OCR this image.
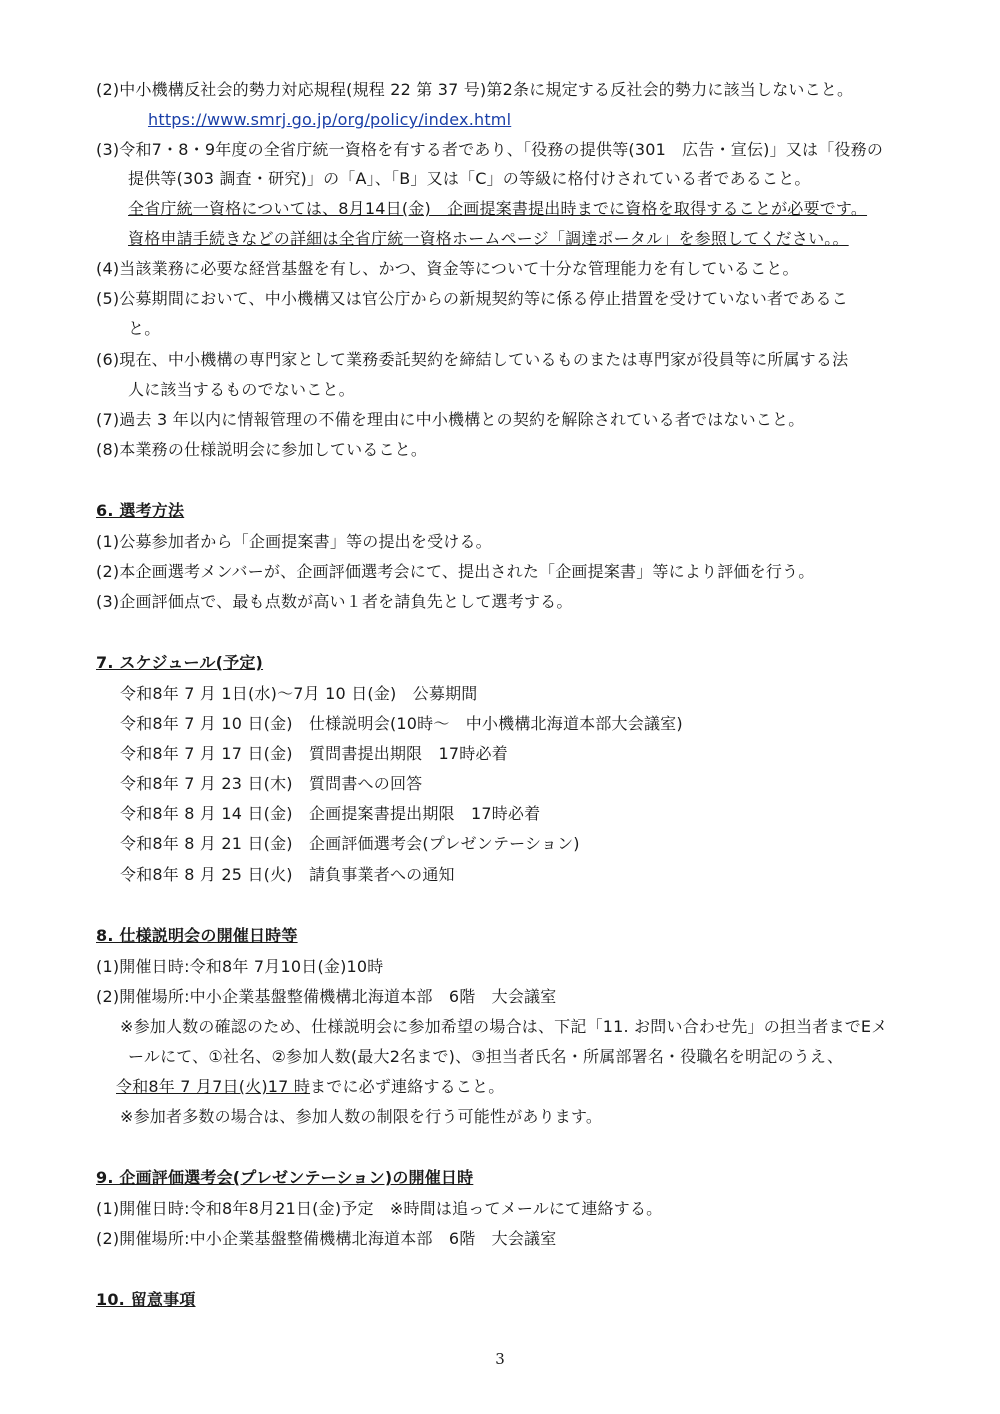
(2)中小機構反社会的勢力対応規程(規程 22 第 37 号)第2条に規定する反社会的勢力に該当しないこと。
https://www.smrj.go.jp/org/policy/index.html
(3)令和7・8・9年度の全省庁統一資格を有する者であり、「役務の提供等(301　広告・宣伝)」又は「役務の
提供等(303 調査・研究)」の「A」、「B」又は「C」の等級に格付けされている者であること。
全省庁統一資格については、8月14日(金)　企画提案書提出時までに資格を取得することが必要です。
資格申請手続きなどの詳細は全省庁統一資格ホームページ「調達ポータル」を参照してください。。
(4)当該業務に必要な経営基盤を有し、かつ、資金等について十分な管理能力を有していること。
(5)公募期間において、中小機構又は官公庁からの新規契約等に係る停止措置を受けていない者であるこ
と。
(6)現在、中小機構の専門家として業務委託契約を締結しているものまたは専門家が役員等に所属する法
人に該当するものでないこと。
(7)過去 3 年以内に情報管理の不備を理由に中小機構との契約を解除されている者ではないこと。
(8)本業務の仕様説明会に参加していること。
6. 選考方法
(1)公募参加者から「企画提案書」等の提出を受ける。
(2)本企画選考メンバーが、企画評価選考会にて、提出された「企画提案書」等により評価を行う。
(3)企画評価点で、最も点数が高い１者を請負先として選考する。
7. スケジュール(予定)
令和8年 7 月 1日(水)～7月 10 日(金)　公募期間
令和8年 7 月 10 日(金)　仕様説明会(10時～　中小機構北海道本部大会議室)
令和8年 7 月 17 日(金)　質問書提出期限　17時必着
令和8年 7 月 23 日(木)　質問書への回答
令和8年 8 月 14 日(金)　企画提案書提出期限　17時必着
令和8年 8 月 21 日(金)　企画評価選考会(プレゼンテーション)
令和8年 8 月 25 日(火)　請負事業者への通知
8. 仕様説明会の開催日時等
(1)開催日時:令和8年 7月10日(金)10時
(2)開催場所:中小企業基盤整備機構北海道本部　6階　大会議室
※参加人数の確認のため、仕様説明会に参加希望の場合は、下記「11. お問い合わせ先」の担当者までEメ
ールにて、①社名、②参加人数(最大2名まで)、③担当者氏名・所属部署名・役職名を明記のうえ、
令和8年 7 月7日(火)17 時までに必ず連絡すること。
※参加者多数の場合は、参加人数の制限を行う可能性があります。
9. 企画評価選考会(プレゼンテーション)の開催日時
(1)開催日時:令和8年8月21日(金)予定　※時間は追ってメールにて連絡する。
(2)開催場所:中小企業基盤整備機構北海道本部　6階　大会議室
10. 留意事項
3
